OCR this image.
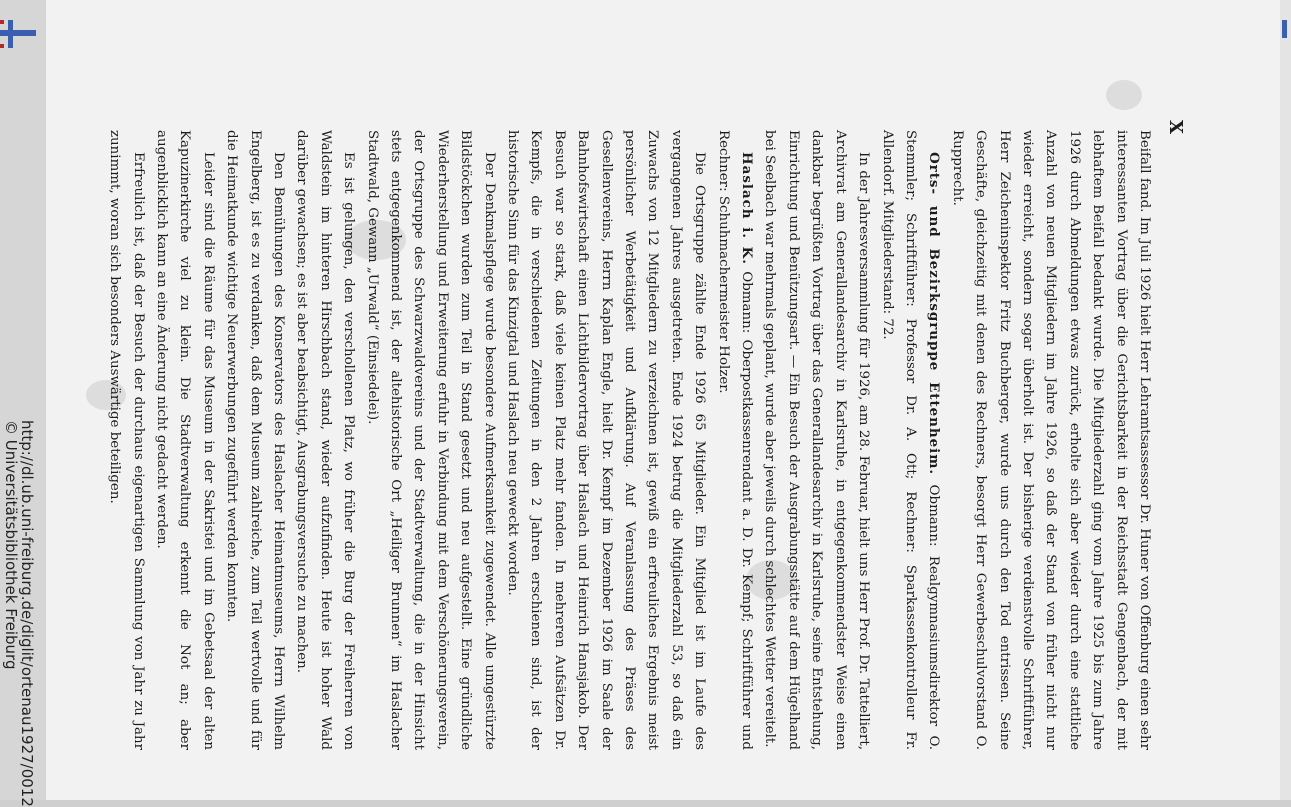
http://dl.ub.uni-freiburg.de/diglit/ortenau1927/0012
© Universitätsbibliothek Freiburg
X

Beifall fand. Im Juli 1926 hielt Herr Lehramtsassessor Dr. Huner von Offenburg einen sehr interessanten Vortrag über die Gerichtsbarkeit in der Reichsstadt Gengenbach, der mit lebhaftem Beifall bedankt wurde. Die Mitgliederzahl ging vom Jahre 1925 bis zum Jahre 1926 durch Abmeldungen etwas zurück, erholte sich aber wieder durch eine stattliche Anzahl von neuen Mitgliedern im Jahre 1926, so daß der Stand von früher nicht nur wieder erreicht, sondern sogar überholt ist. Der bisherige verdienstvolle Schriftführer, Herr Zeicheninspektor Fritz Buchberger, wurde uns durch den Tod entrissen. Seine Geschäfte, gleichzeitig mit denen des Rechners, besorgt Herr Gewerbeschulvorstand O. Rupprecht.

Orts- und Bezirksgruppe Ettenheim. Obmann: Realgymnasiumsdirektor O. Stemmler; Schriftführer: Professor Dr. A. Ott; Rechner: Sparkassenkontrolleur Fr. Allendorf. Mitgliederstand: 72.

In der Jahresversammlung für 1926, am 28. Februar, hielt uns Herr Prof. Dr. Tattelliert, Archivrat am Generallandesarchiv in Karlsruhe, in entgegenkommendster Weise einen dankbar begrüßten Vortrag über das Generallandesarchiv in Karlsruhe, seine Entstehung, Einrichtung und Benützungsart. — Ein Besuch der Ausgrabungsstätte auf dem Hügelhand bei Seelbach war mehrmals geplant, wurde aber jeweils durch schlechtes Wetter vereitelt.

Haslach i. K. Obmann: Oberpostkassenrendant a. D. Dr. Kempf; Schriftführer und Rechner: Schuhmachermeister Holzer.

Die Ortsgruppe zählte Ende 1926 65 Mitglieder. Ein Mitglied ist im Laufe des vergangenen Jahres ausgetreten. Ende 1924 betrug die Mitgliederzahl 53, so daß ein Zuwachs von 12 Mitgliedern zu verzeichnen ist, gewiß ein erfreuliches Ergebnis meist persönlicher Werbetätigkeit und Aufklärung. Auf Veranlassung des Präses des Gesellenvereins, Herrn Kaplan Engle, hielt Dr. Kempf im Dezember 1926 im Saale der Bahnhofswirtschaft einen Lichtbildervortrag über Haslach und Heinrich Hansjakob. Der Besuch war so stark, daß viele keinen Platz mehr fanden. In mehreren Aufsätzen Dr. Kempfs, die in verschiedenen Zeitungen in den 2 Jahren erschienen sind, ist der historische Sinn für das Kinzigtal und Haslach neu geweckt worden.

Der Denkmalspflege wurde besondere Aufmerksamkeit zugewendet. Alle umgestürzte Bildstöckchen wurden zum Teil in Stand gesetzt und neu aufgestellt. Eine gründliche Wiederherstellung und Erweiterung erfuhr in Verbindung mit dem Verschönerungsverein, der Ortsgruppe des Schwarzwaldvereins und der Stadtverwaltung, die in der Hinsicht stets entgegenkommend ist, der altehistorische Ort „Heiliger Brunnen“ im Haslacher Stadtwald, Gewann „Urwald“ (Einsiedelei).

Es ist gelungen, den verschollenen Platz, wo früher die Burg der Freiherren von Waldstein im hinteren Hirschbach stand, wieder aufzufinden. Heute ist hoher Wald darüber gewachsen; es ist aber beabsichtigt, Ausgrabungsversuche zu machen.

Den Bemühungen des Konservators des Haslacher Heimatmuseums, Herrn Wilhelm Engelberg, ist es zu verdanken, daß dem Museum zahlreiche, zum Teil wertvolle und für die Heimatkunde wichtige Neuerwerbungen zugeführt werden konnten.

Leider sind die Räume für das Museum in der Sakristei und im Gebetsaal der alten Kapuzinerkirche viel zu klein. Die Stadtverwaltung erkennt die Not an; aber augenblicklich kann an eine Änderung nicht gedacht werden.

Erfreulich ist, daß der Besuch der durchaus eigenartigen Sammlung von Jahr zu Jahr zunimmt, woran sich besonders Auswärtige beteiligen.
